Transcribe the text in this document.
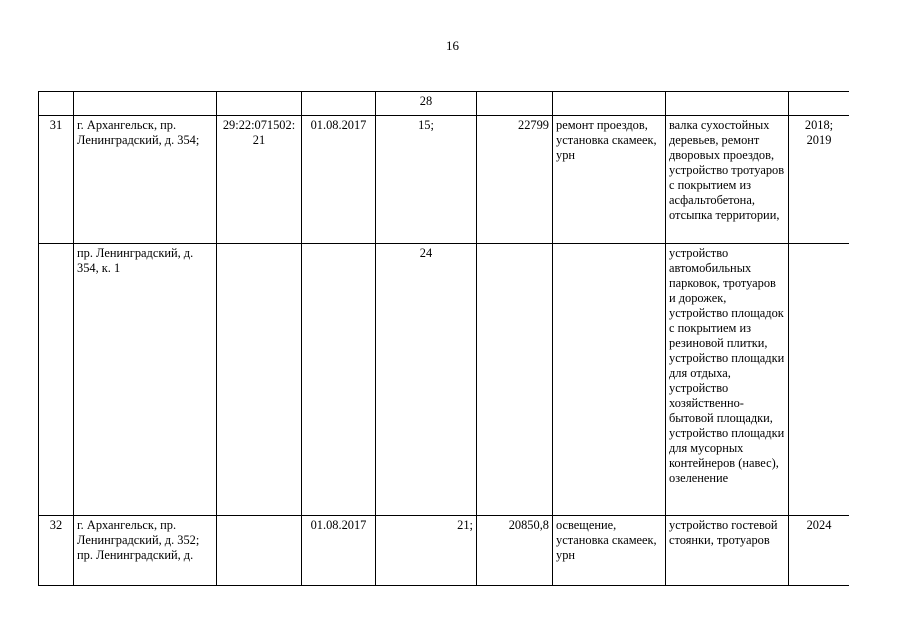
16
				28				
31	г. Архангельск, пр. Ленинградский, д. 354;	29:22:071502:21	01.08.2017	15;	22799	ремонт проездов, установка скамеек, урн	валка сухостойных деревьев, ремонт дворовых проездов, устройство тротуаров с покрытием из асфальтобетона, отсыпка территории,	2018; 2019
	пр. Ленинградский, д. 354, к. 1			24			устройство автомобильных парковок, тротуаров и дорожек, устройство площадок с покрытием из резиновой плитки, устройство площадки для отдыха, устройство хозяйственно-бытовой площадки, устройство площадки для мусорных контейнеров (навес), озеленение	
32	г. Архангельск, пр. Ленинградский, д. 352; пр. Ленинградский, д.		01.08.2017	21;	20850,8	освещение, установка скамеек, урн	устройство гостевой стоянки, тротуаров	2024
